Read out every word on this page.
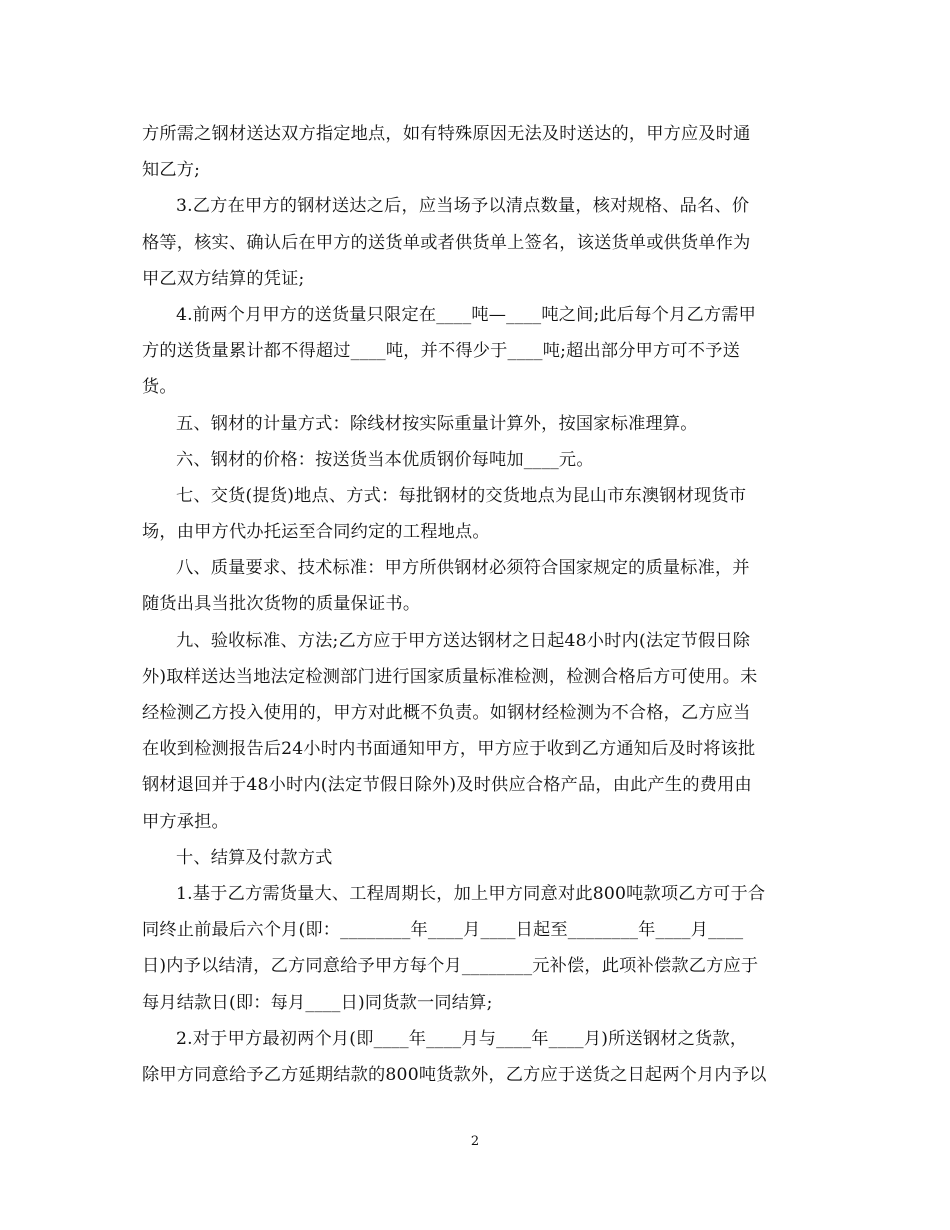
方所需之钢材送达双方指定地点，如有特殊原因无法及时送达的，甲方应及时通
知乙方;
3.乙方在甲方的钢材送达之后，应当场予以清点数量，核对规格、品名、价
格等，核实、确认后在甲方的送货单或者供货单上签名，该送货单或供货单作为
甲乙双方结算的凭证;
4.前两个月甲方的送货量只限定在____吨—____吨之间;此后每个月乙方需甲
方的送货量累计都不得超过____吨，并不得少于____吨;超出部分甲方可不予送
货。
五、钢材的计量方式：除线材按实际重量计算外，按国家标准理算。
六、钢材的价格：按送货当本优质钢价每吨加____元。
七、交货(提货)地点、方式：每批钢材的交货地点为昆山市东澳钢材现货市
场，由甲方代办托运至合同约定的工程地点。
八、质量要求、技术标准：甲方所供钢材必须符合国家规定的质量标准，并
随货出具当批次货物的质量保证书。
九、验收标准、方法;乙方应于甲方送达钢材之日起48小时内(法定节假日除
外)取样送达当地法定检测部门进行国家质量标准检测，检测合格后方可使用。未
经检测乙方投入使用的，甲方对此概不负责。如钢材经检测为不合格，乙方应当
在收到检测报告后24小时内书面通知甲方，甲方应于收到乙方通知后及时将该批
钢材退回并于48小时内(法定节假日除外)及时供应合格产品，由此产生的费用由
甲方承担。
十、结算及付款方式
1.基于乙方需货量大、工程周期长，加上甲方同意对此800吨款项乙方可于合
同终止前最后六个月(即：________年____月____日起至________年____月____
日)内予以结清，乙方同意给予甲方每个月________元补偿，此项补偿款乙方应于
每月结款日(即：每月____日)同货款一同结算;
2.对于甲方最初两个月(即____年____月与____年____月)所送钢材之货款，
除甲方同意给予乙方延期结款的800吨货款外，乙方应于送货之日起两个月内予以
2
